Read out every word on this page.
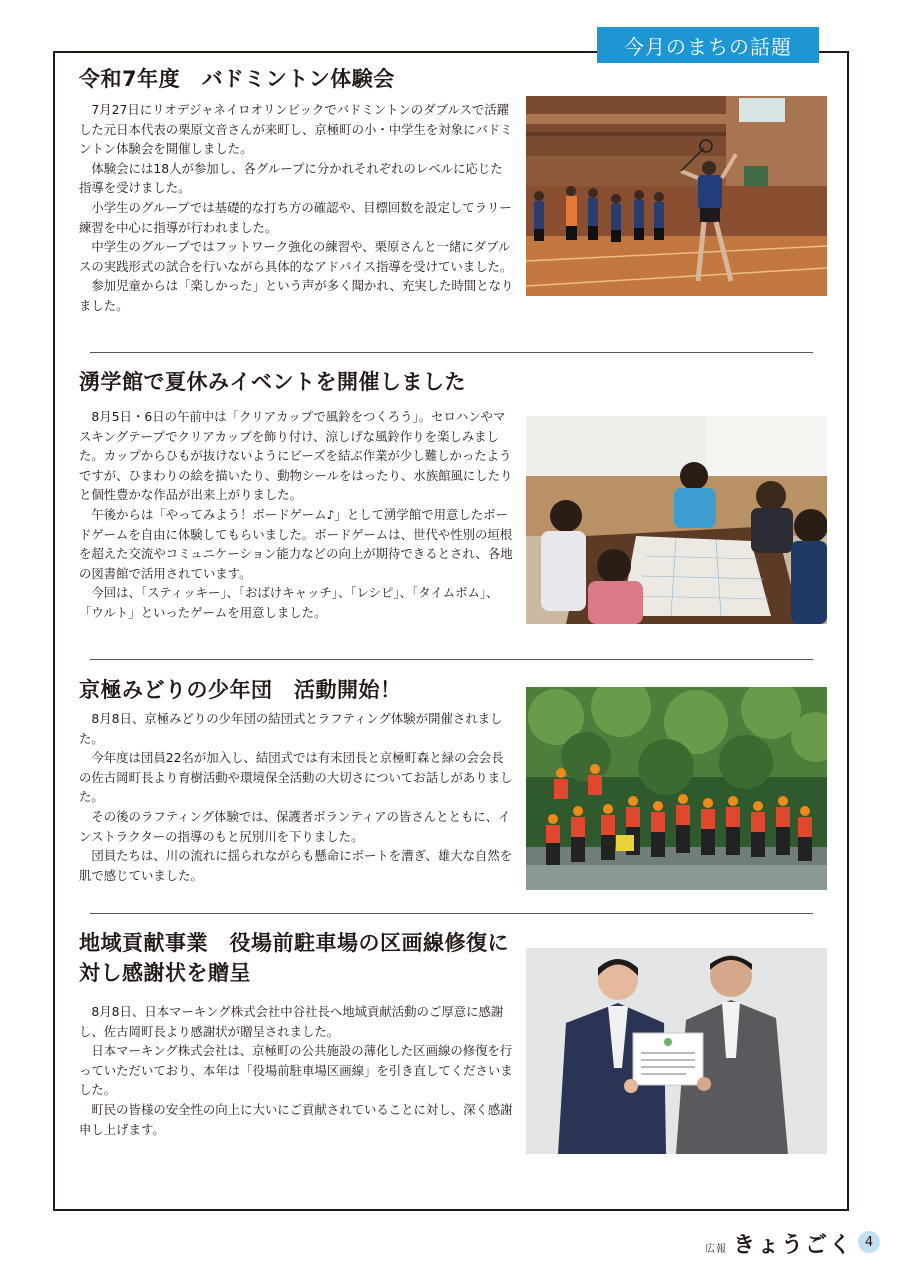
今月のまちの話題
令和7年度　バドミントン体験会

7月27日にリオデジャネイロオリンピックでバドミントンのダブルスで活躍した元日本代表の栗原文音さんが来町し、京極町の小・中学生を対象にバドミントン体験会を開催しました。

体験会には18人が参加し、各グループに分かれそれぞれのレベルに応じた指導を受けました。

小学生のグループでは基礎的な打ち方の確認や、目標回数を設定してラリー練習を中心に指導が行われました。

中学生のグループではフットワーク強化の練習や、栗原さんと一緒にダブルスの実践形式の試合を行いながら具体的なアドバイス指導を受けていました。

参加児童からは「楽しかった」という声が多く聞かれ、充実した時間となりました。

湧学館で夏休みイベントを開催しました

8月5日・6日の午前中は「クリアカップで風鈴をつくろう」。セロハンやマスキングテープでクリアカップを飾り付け、涼しげな風鈴作りを楽しみました。カップからひもが抜けないようにビーズを結ぶ作業が少し難しかったようですが、ひまわりの絵を描いたり、動物シールをはったり、水族館風にしたりと個性豊かな作品が出来上がりました。

午後からは「やってみよう！ボードゲーム♪」として湧学館で用意したボードゲームを自由に体験してもらいました。ボードゲームは、世代や性別の垣根を超えた交流やコミュニケーション能力などの向上が期待できるとされ、各地の図書館で活用されています。

今回は、「スティッキー」、「おばけキャッチ」、「レシピ」、「タイムボム」、「ウルト」といったゲームを用意しました。

京極みどりの少年団　活動開始！

8月8日、京極みどりの少年団の結団式とラフティング体験が開催されました。

今年度は団員22名が加入し、結団式では有末団長と京極町森と緑の会会長の佐古岡町長より育樹活動や環境保全活動の大切さについてお話しがありました。

その後のラフティング体験では、保護者ボランティアの皆さんとともに、インストラクターの指導のもと尻別川を下りました。

団員たちは、川の流れに揺られながらも懸命にボートを漕ぎ、雄大な自然を肌で感じていました。

地域貢献事業　役場前駐車場の区画線修復に対し感謝状を贈呈

8月8日、日本マーキング株式会社中谷社長へ地域貢献活動のご厚意に感謝し、佐古岡町長より感謝状が贈呈されました。

日本マーキング株式会社は、京極町の公共施設の薄化した区画線の修復を行っていただいており、本年は「役場前駐車場区画線」を引き直してくださいました。

町民の皆様の安全性の向上に大いにご貢献されていることに対し、深く感謝申し上げます。

広報 きょうごく 4
